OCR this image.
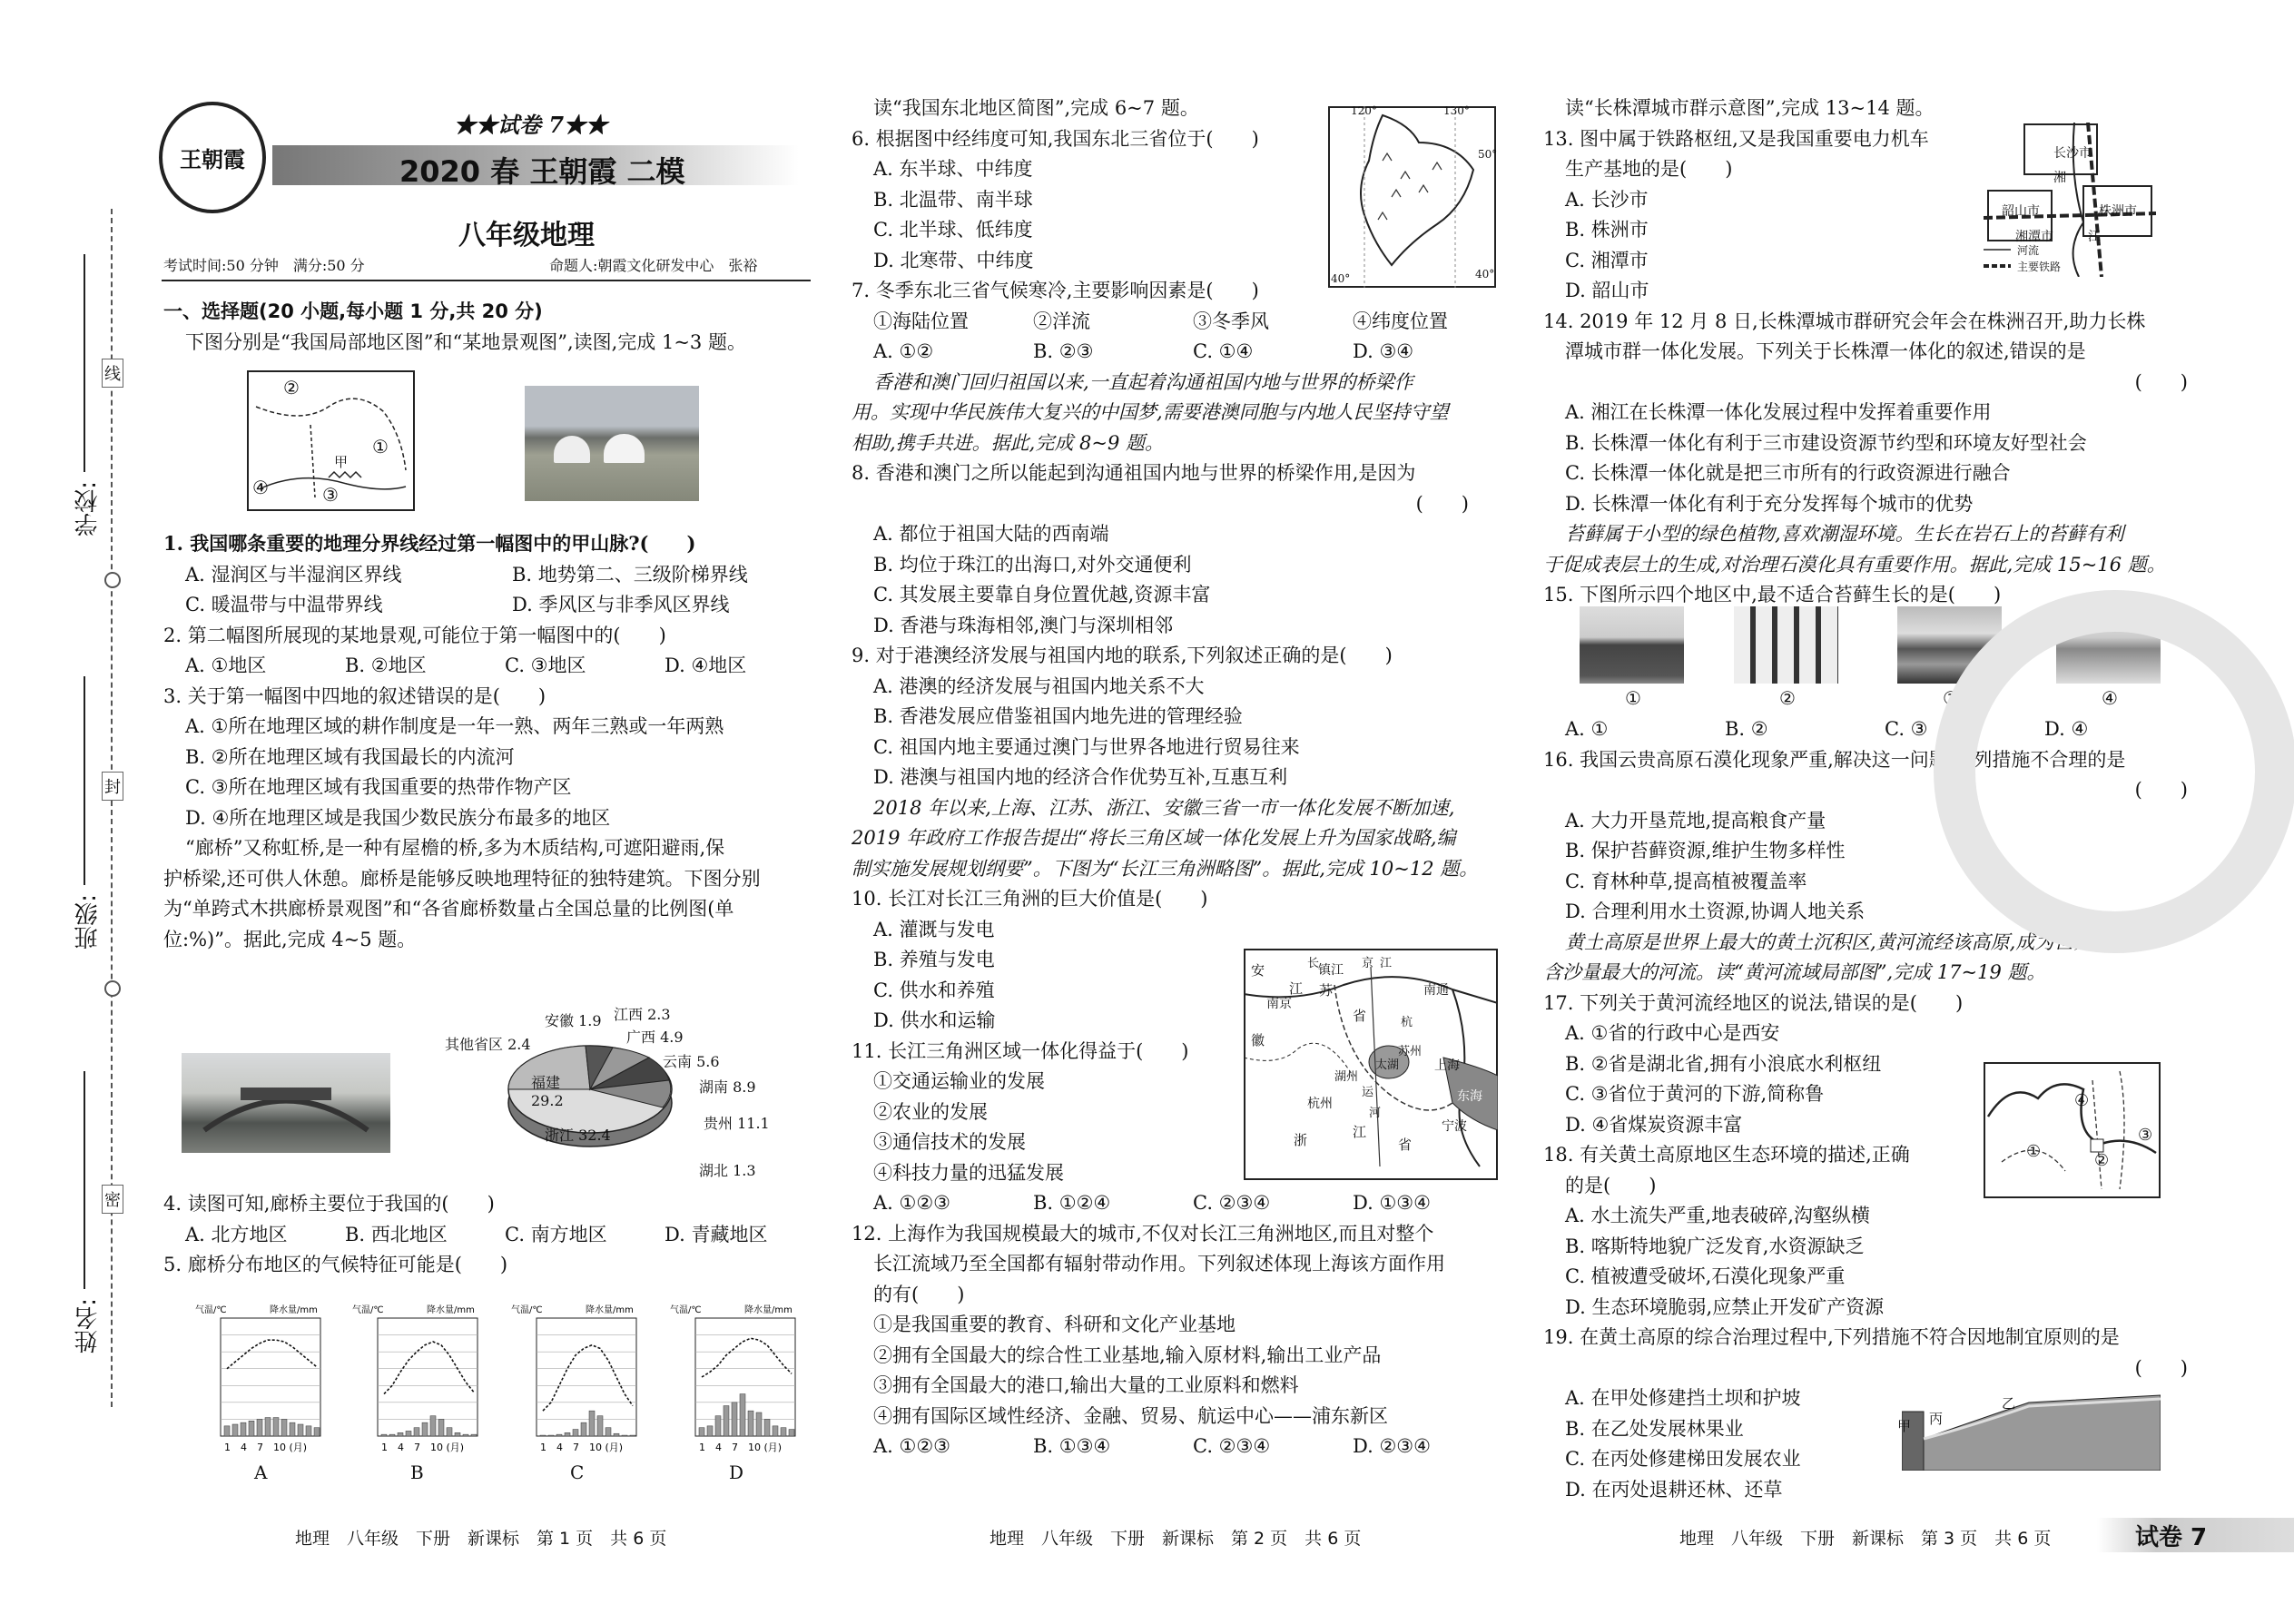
学校:
班级:
姓名:
线
封
密
王朝霞
★★试卷 7★★
2020 春 王朝霞 二模
八年级地理
考试时间:50 分钟　满分:50 分	命题人:朝霞文化研发中心　张裕

一、选择题(20 小题,每小题 1 分,共 20 分)

下图分别是“我国局部地区图”和“某地景观图”,读图,完成 1~3 题。

②
①
④	③
甲

1. 我国哪条重要的地理分界线经过第一幅图中的甲山脉?(　　)

A. 湿润区与半湿润区界线	B. 地势第二、三级阶梯界线

C. 暖温带与中温带界线	D. 季风区与非季风区界线

2. 第二幅图所展现的某地景观,可能位于第一幅图中的(　　)

A. ①地区	B. ②地区	C. ③地区	D. ④地区

3. 关于第一幅图中四地的叙述错误的是(　　)

A. ①所在地理区域的耕作制度是一年一熟、两年三熟或一年两熟

B. ②所在地理区域有我国最长的内流河

C. ③所在地理区域有我国重要的热带作物产区

D. ④所在地理区域是我国少数民族分布最多的地区

“廊桥”又称虹桥,是一种有屋檐的桥,多为木质结构,可遮阳避雨,保

护桥梁,还可供人休憩。廊桥是能够反映地理特征的独特建筑。下图分别

为“单跨式木拱廊桥景观图”和“各省廊桥数量占全国总量的比例图(单

位:%)”。据此,完成 4~5 题。

安徽 1.9 江西 2.3
其他省区 2.4	广西 4.9
云南 5.6
湖南 8.9
贵州 11.1
湖北 1.3
浙江 32.4
福建 29.2

4. 读图可知,廊桥主要位于我国的(　　)

A. 北方地区	B. 西北地区	C. 南方地区	D. 青藏地区

5. 廊桥分布地区的气候特征可能是(　　)

气温/℃	降水量/mm
1　4　7　10 (月)
气温/℃	降水量/mm
1　4　7　10 (月)
气温/℃	降水量/mm
1　4　7　10 (月)
气温/℃	降水量/mm
1　4　7　10 (月)
A	B	C	D

读“我国东北地区简图”,完成 6~7 题。

6. 根据图中经纬度可知,我国东北三省位于(　　)

A. 东半球、中纬度

B. 北温带、南半球

C. 北半球、低纬度

D. 北寒带、中纬度

7. 冬季东北三省气候寒冷,主要影响因素是(　　)

①海陆位置	②洋流	③冬季风	④纬度位置

A. ①②	B. ②③	C. ①④	D. ③④

香港和澳门回归祖国以来,一直起着沟通祖国内地与世界的桥梁作

用。实现中华民族伟大复兴的中国梦,需要港澳同胞与内地人民坚持守望

相助,携手共进。据此,完成 8~9 题。

8. 香港和澳门之所以能起到沟通祖国内地与世界的桥梁作用,是因为

(　　)

A. 都位于祖国大陆的西南端

B. 均位于珠江的出海口,对外交通便利

C. 其发展主要靠自身位置优越,资源丰富

D. 香港与珠海相邻,澳门与深圳相邻

9. 对于港澳经济发展与祖国内地的联系,下列叙述正确的是(　　)

A. 港澳的经济发展与祖国内地关系不大

B. 香港发展应借鉴祖国内地先进的管理经验

C. 祖国内地主要通过澳门与世界各地进行贸易往来

D. 港澳与祖国内地的经济合作优势互补,互惠互利

2018 年以来,上海、江苏、浙江、安徽三省一市一体化发展不断加速,

2019 年政府工作报告提出“将长三角区域一体化发展上升为国家战略,编

制实施发展规划纲要”。下图为“长江三角洲略图”。据此,完成 10~12 题。

10. 长江对长江三角洲的巨大价值是(　　)

A. 灌溉与发电

B. 养殖与发电

C. 供水和养殖

D. 供水和运输

11. 长江三角洲区域一体化得益于(　　)

①交通运输业的发展

②农业的发展

③通信技术的发展

④科技力量的迅猛发展

A. ①②③	B. ①②④	C. ②③④	D. ①③④

12. 上海作为我国规模最大的城市,不仅对长江三角洲地区,而且对整个

长江流域乃至全国都有辐射带动作用。下列叙述体现上海该方面作用

的有(　　)

①是我国重要的教育、科研和文化产业基地

②拥有全国最大的综合性工业基地,输入原材料,输出工业产品

③拥有全国最大的港口,输出大量的工业原料和燃料

④拥有国际区域性经济、金融、贸易、航运中心——浦东新区

A. ①②③	B. ①③④	C. ②③④	D. ②③④

120°	130°
50°
40°	40°
安
徽
南京
江 苏
镇江
南通
省
上海
杭州
浙	江
省
宁波
湖州
苏州
东海
长	江
太湖
京
杭
运
河

读“长株潭城市群示意图”,完成 13~14 题。

13. 图中属于铁路枢纽,又是我国重要电力机车

生产基地的是(　　)

A. 长沙市

B. 株洲市

C. 湘潭市

D. 韶山市

14. 2019 年 12 月 8 日,长株潭城市群研究会年会在株洲召开,助力长株

潭城市群一体化发展。下列关于长株潭一体化的叙述,错误的是

(　　)

A. 湘江在长株潭一体化发展过程中发挥着重要作用

B. 长株潭一体化有利于三市建设资源节约型和环境友好型社会

C. 长株潭一体化就是把三市所有的行政资源进行融合

D. 长株潭一体化有利于充分发挥每个城市的优势

苔藓属于小型的绿色植物,喜欢潮湿环境。生长在岩石上的苔藓有利

于促成表层土的生成,对治理石漠化具有重要作用。据此,完成 15~16 题。

15. 下图所示四个地区中,最不适合苔藓生长的是(　　)

①	②	③	④

A. ①	B. ②	C. ③	D. ④

16. 我国云贵高原石漠化现象严重,解决这一问题,下列措施不合理的是

(　　)

A. 大力开垦荒地,提高粮食产量

B. 保护苔藓资源,维护生物多样性

C. 育林种草,提高植被覆盖率

D. 合理利用水土资源,协调人地关系

黄土高原是世界上最大的黄土沉积区,黄河流经该高原,成为世界上

含沙量最大的河流。读“黄河流域局部图”,完成 17~19 题。

17. 下列关于黄河流经地区的说法,错误的是(　　)

A. ①省的行政中心是西安

B. ②省是湖北省,拥有小浪底水利枢纽

C. ③省位于黄河的下游,简称鲁

D. ④省煤炭资源丰富

18. 有关黄土高原地区生态环境的描述,正确

的是(　　)

A. 水土流失严重,地表破碎,沟壑纵横

B. 喀斯特地貌广泛发育,水资源缺乏

C. 植被遭受破坏,石漠化现象严重

D. 生态环境脆弱,应禁止开发矿产资源

19. 在黄土高原的综合治理过程中,下列措施不符合因地制宜原则的是

(　　)

A. 在甲处修建挡土坝和护坡

B. 在乙处发展林果业

C. 在丙处修建梯田发展农业

D. 在丙处退耕还林、还草

长沙市
湘
株洲市
韶山市
湘潭市	江
河流
主要铁路
④
①	②
③
甲 丙
乙
地理　八年级　下册　新课标　第 1 页　共 6 页	地理　八年级　下册　新课标　第 2 页　共 6 页	地理　八年级　下册　新课标　第 3 页　共 6 页	试卷 7
